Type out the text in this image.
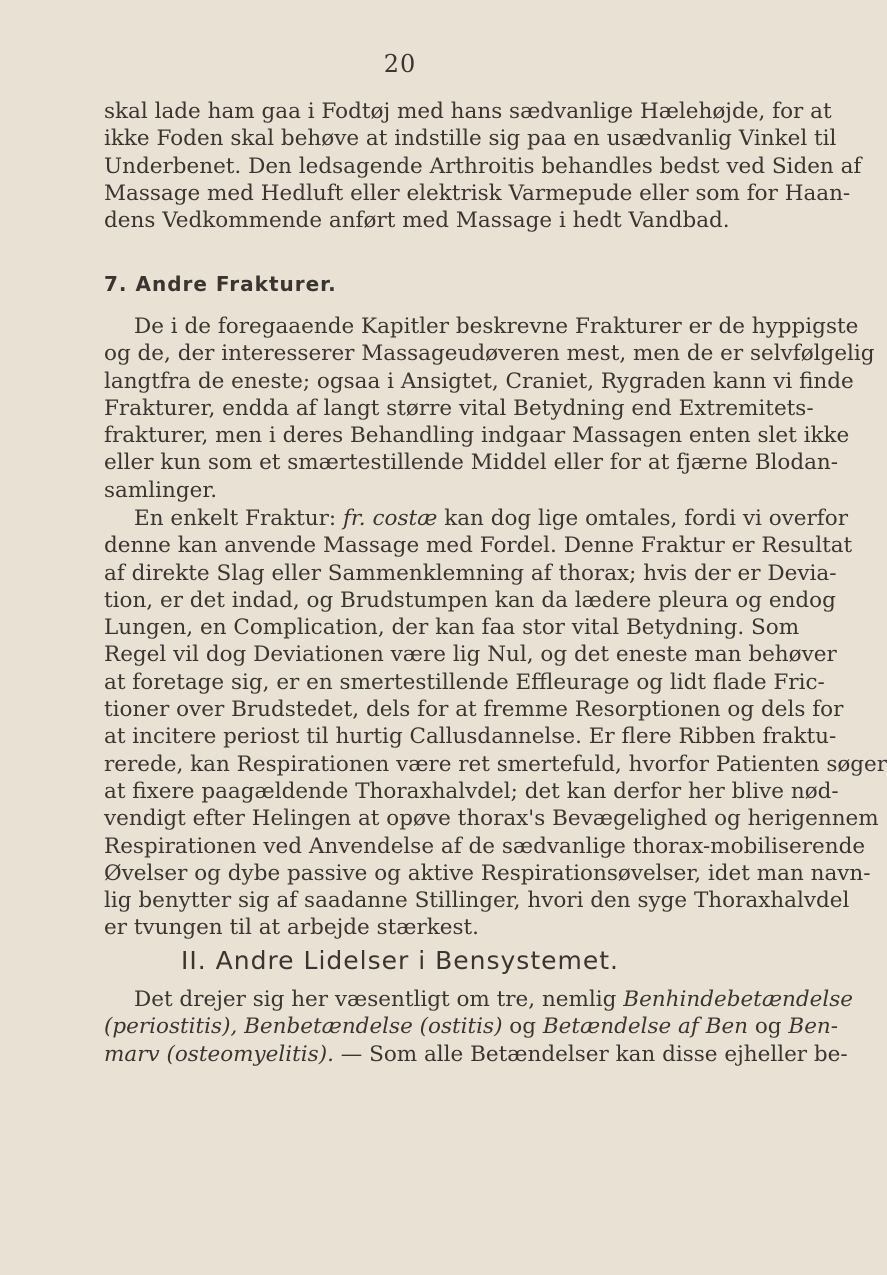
20
skal lade ham gaa i Fodtøj med hans sædvanlige Hælehøjde, for at
ikke Foden skal behøve at indstille sig paa en usædvanlig Vinkel til
Underbenet. Den ledsagende Arthroitis behandles bedst ved Siden af
Massage med Hedluft eller elektrisk Varmepude eller som for Haan-
dens Vedkommende anført med Massage i hedt Vandbad.
7. Andre Frakturer.
De i de foregaaende Kapitler beskrevne Frakturer er de hyppigste
og de, der interesserer Massageudøveren mest, men de er selvfølgelig
langtfra de eneste; ogsaa i Ansigtet, Craniet, Rygraden kann vi finde
Frakturer, endda af langt større vital Betydning end Extremitets-
frakturer, men i deres Behandling indgaar Massagen enten slet ikke
eller kun som et smærtestillende Middel eller for at fjærne Blodan-
samlinger.
En enkelt Fraktur: fr. costæ kan dog lige omtales, fordi vi overfor
denne kan anvende Massage med Fordel. Denne Fraktur er Resultat
af direkte Slag eller Sammenklemning af thorax; hvis der er Devia-
tion, er det indad, og Brudstumpen kan da lædere pleura og endog
Lungen, en Complication, der kan faa stor vital Betydning. Som
Regel vil dog Deviationen være lig Nul, og det eneste man behøver
at foretage sig, er en smertestillende Effleurage og lidt flade Fric-
tioner over Brudstedet, dels for at fremme Resorptionen og dels for
at incitere periost til hurtig Callusdannelse. Er flere Ribben fraktu-
rerede, kan Respirationen være ret smertefuld, hvorfor Patienten søger
at fixere paagældende Thoraxhalvdel; det kan derfor her blive nød-
vendigt efter Helingen at opøve thorax's Bevægelighed og herigennem
Respirationen ved Anvendelse af de sædvanlige thorax-mobiliserende
Øvelser og dybe passive og aktive Respirationsøvelser, idet man navn-
lig benytter sig af saadanne Stillinger, hvori den syge Thoraxhalvdel
er tvungen til at arbejde stærkest.
II. Andre Lidelser i Bensystemet.
Det drejer sig her væsentligt om tre, nemlig Benhindebetændelse
(periostitis), Benbetændelse (ostitis) og Betændelse af Ben og Ben-
marv (osteomyelitis). — Som alle Betændelser kan disse ejheller be-
